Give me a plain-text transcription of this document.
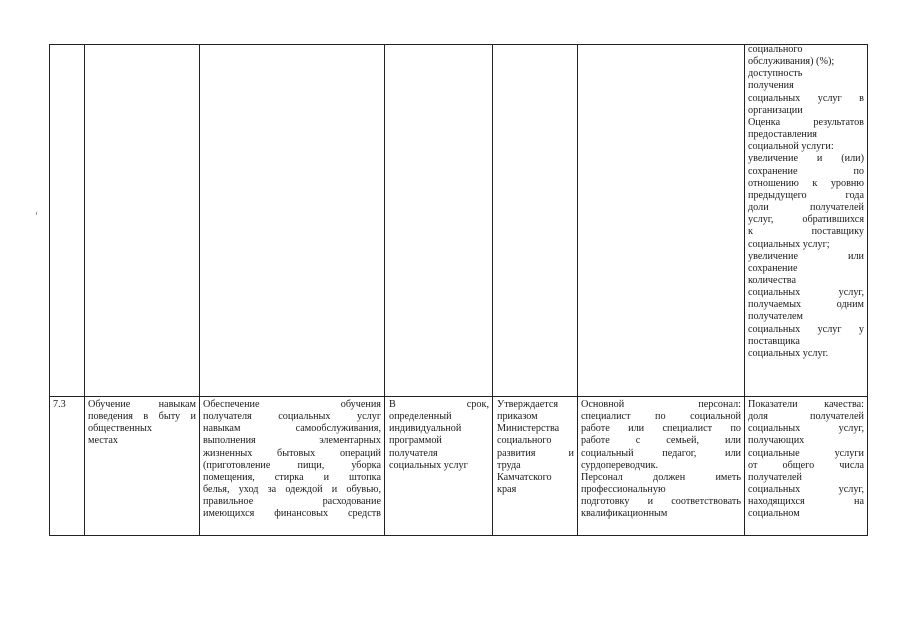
социального
обслуживания) (%);
доступность
получения
социальных услуг в
организации
Оценка результатов
предоставления
социальной услуги:
увеличение и (или)
сохранение по
отношению к уровню
предыдущего года
доли получателей
услуг, обратившихся
к поставщику
социальных услуг;
увеличение или
сохранение
количества
социальных услуг,
получаемых одним
получателем
социальных услуг у
поставщика
социальных услуг.
7.3	Обучение навыкам
поведения в быту и
общественных
местах
Обеспечение обучения
получателя социальных услуг
навыкам самообслуживания,
выполнения элементарных
жизненных бытовых операций
(приготовление пищи, уборка
помещения, стирка и штопка
белья, уход за одеждой и обувью,
правильное расходование
имеющихся финансовых средств
В срок,
определенный
индивидуальной
программой
получателя
социальных услуг
Утверждается
приказом
Министерства
социального
развития и
труда
Камчатского
края
Основной персонал:
специалист по социальной
работе или специалист по
работе с семьей, или
социальный педагог, или
сурдопереводчик.
Персонал должен иметь
профессиональную
подготовку и соответствовать
квалификационным
Показатели качества:
доля получателей
социальных услуг,
получающих
социальные услуги
от общего числа
получателей
социальных услуг,
находящихся на
социальном
